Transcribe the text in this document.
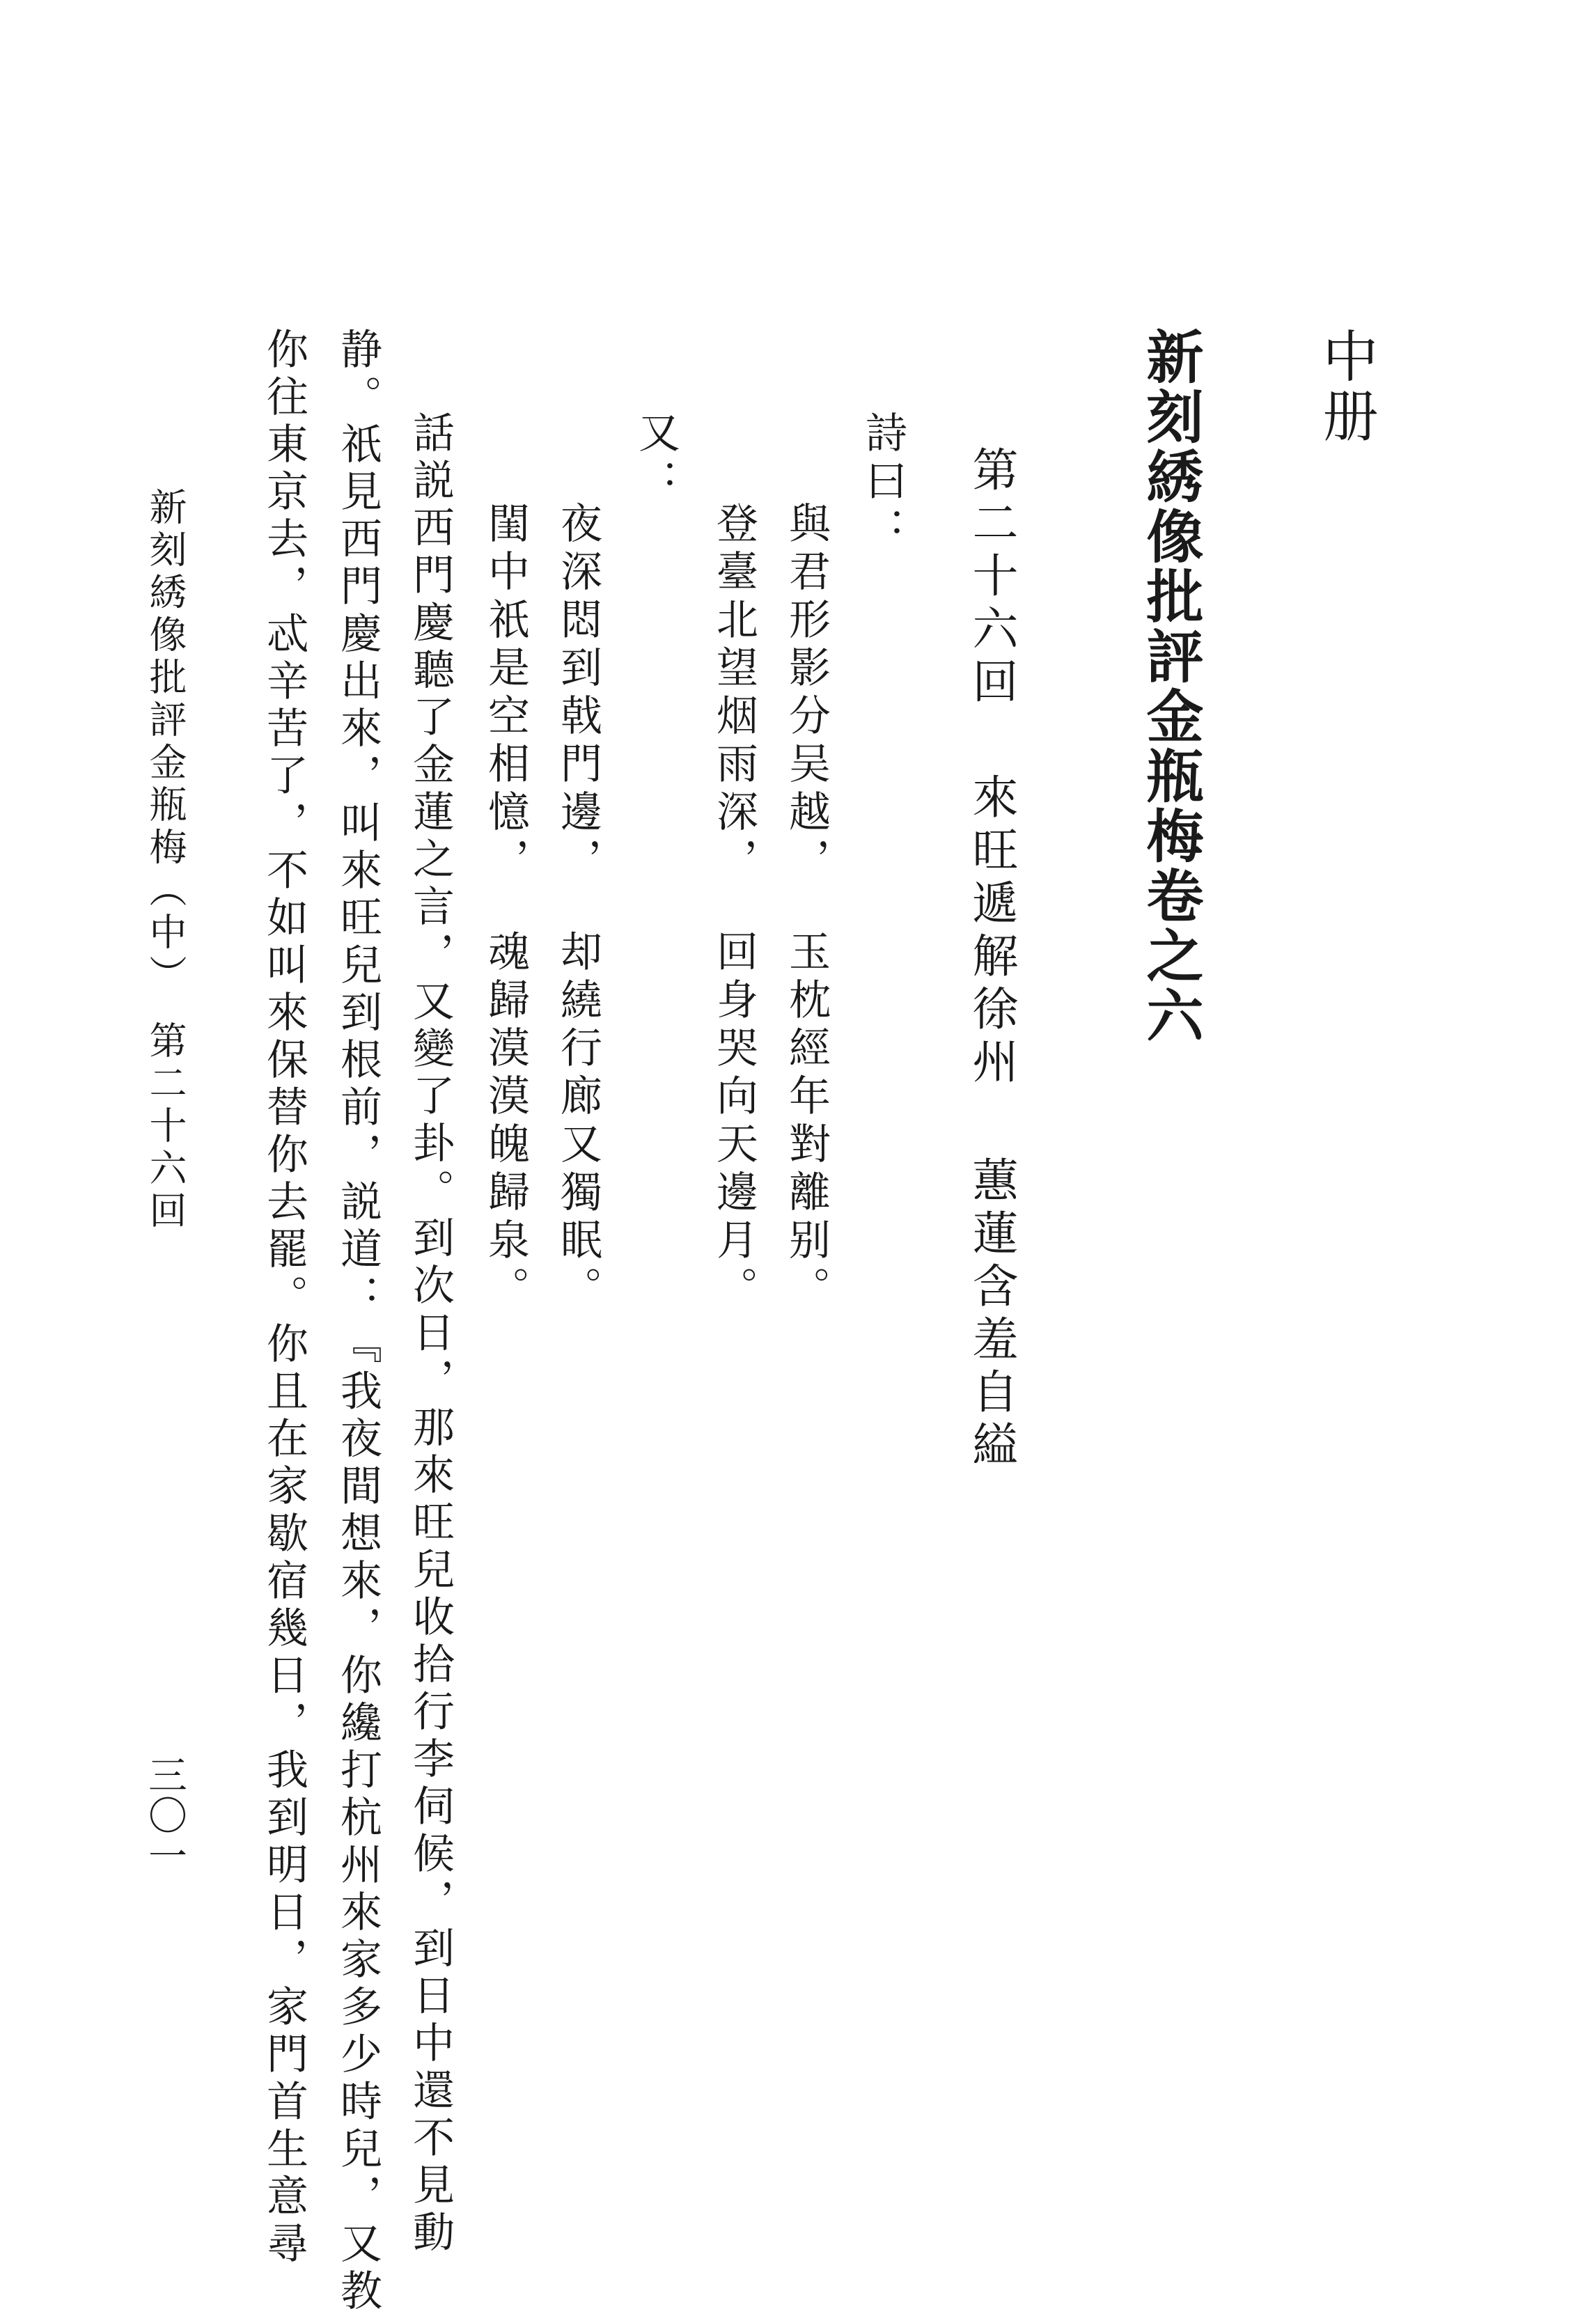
中册
新刻綉像批評金瓶梅卷之六
第二十六回
來旺遞解徐州
蕙蓮含羞自縊
詩曰：
與君形影分吴越，
玉枕經年對離别。
登臺北望烟雨深，
回身哭向天邊月。
又：
夜深悶到戟門邊，
却繞行廊又獨眠。
閨中祇是空相憶，
魂歸漠漠魄歸泉。
話説西門慶聽了金蓮之言，又變了卦。到次日，那來旺兒收拾行李伺候，到日中還不見動
静。祇見西門慶出來，叫來旺兒到根前，説道：『我夜間想來，你纔打杭州來家多少時兒，又教
你往東京去，忒辛苦了，不如叫來保替你去罷。你且在家歇宿幾日，我到明日，家門首生意尋
新刻綉像批評金瓶梅（中）　第二十六回
三〇一
